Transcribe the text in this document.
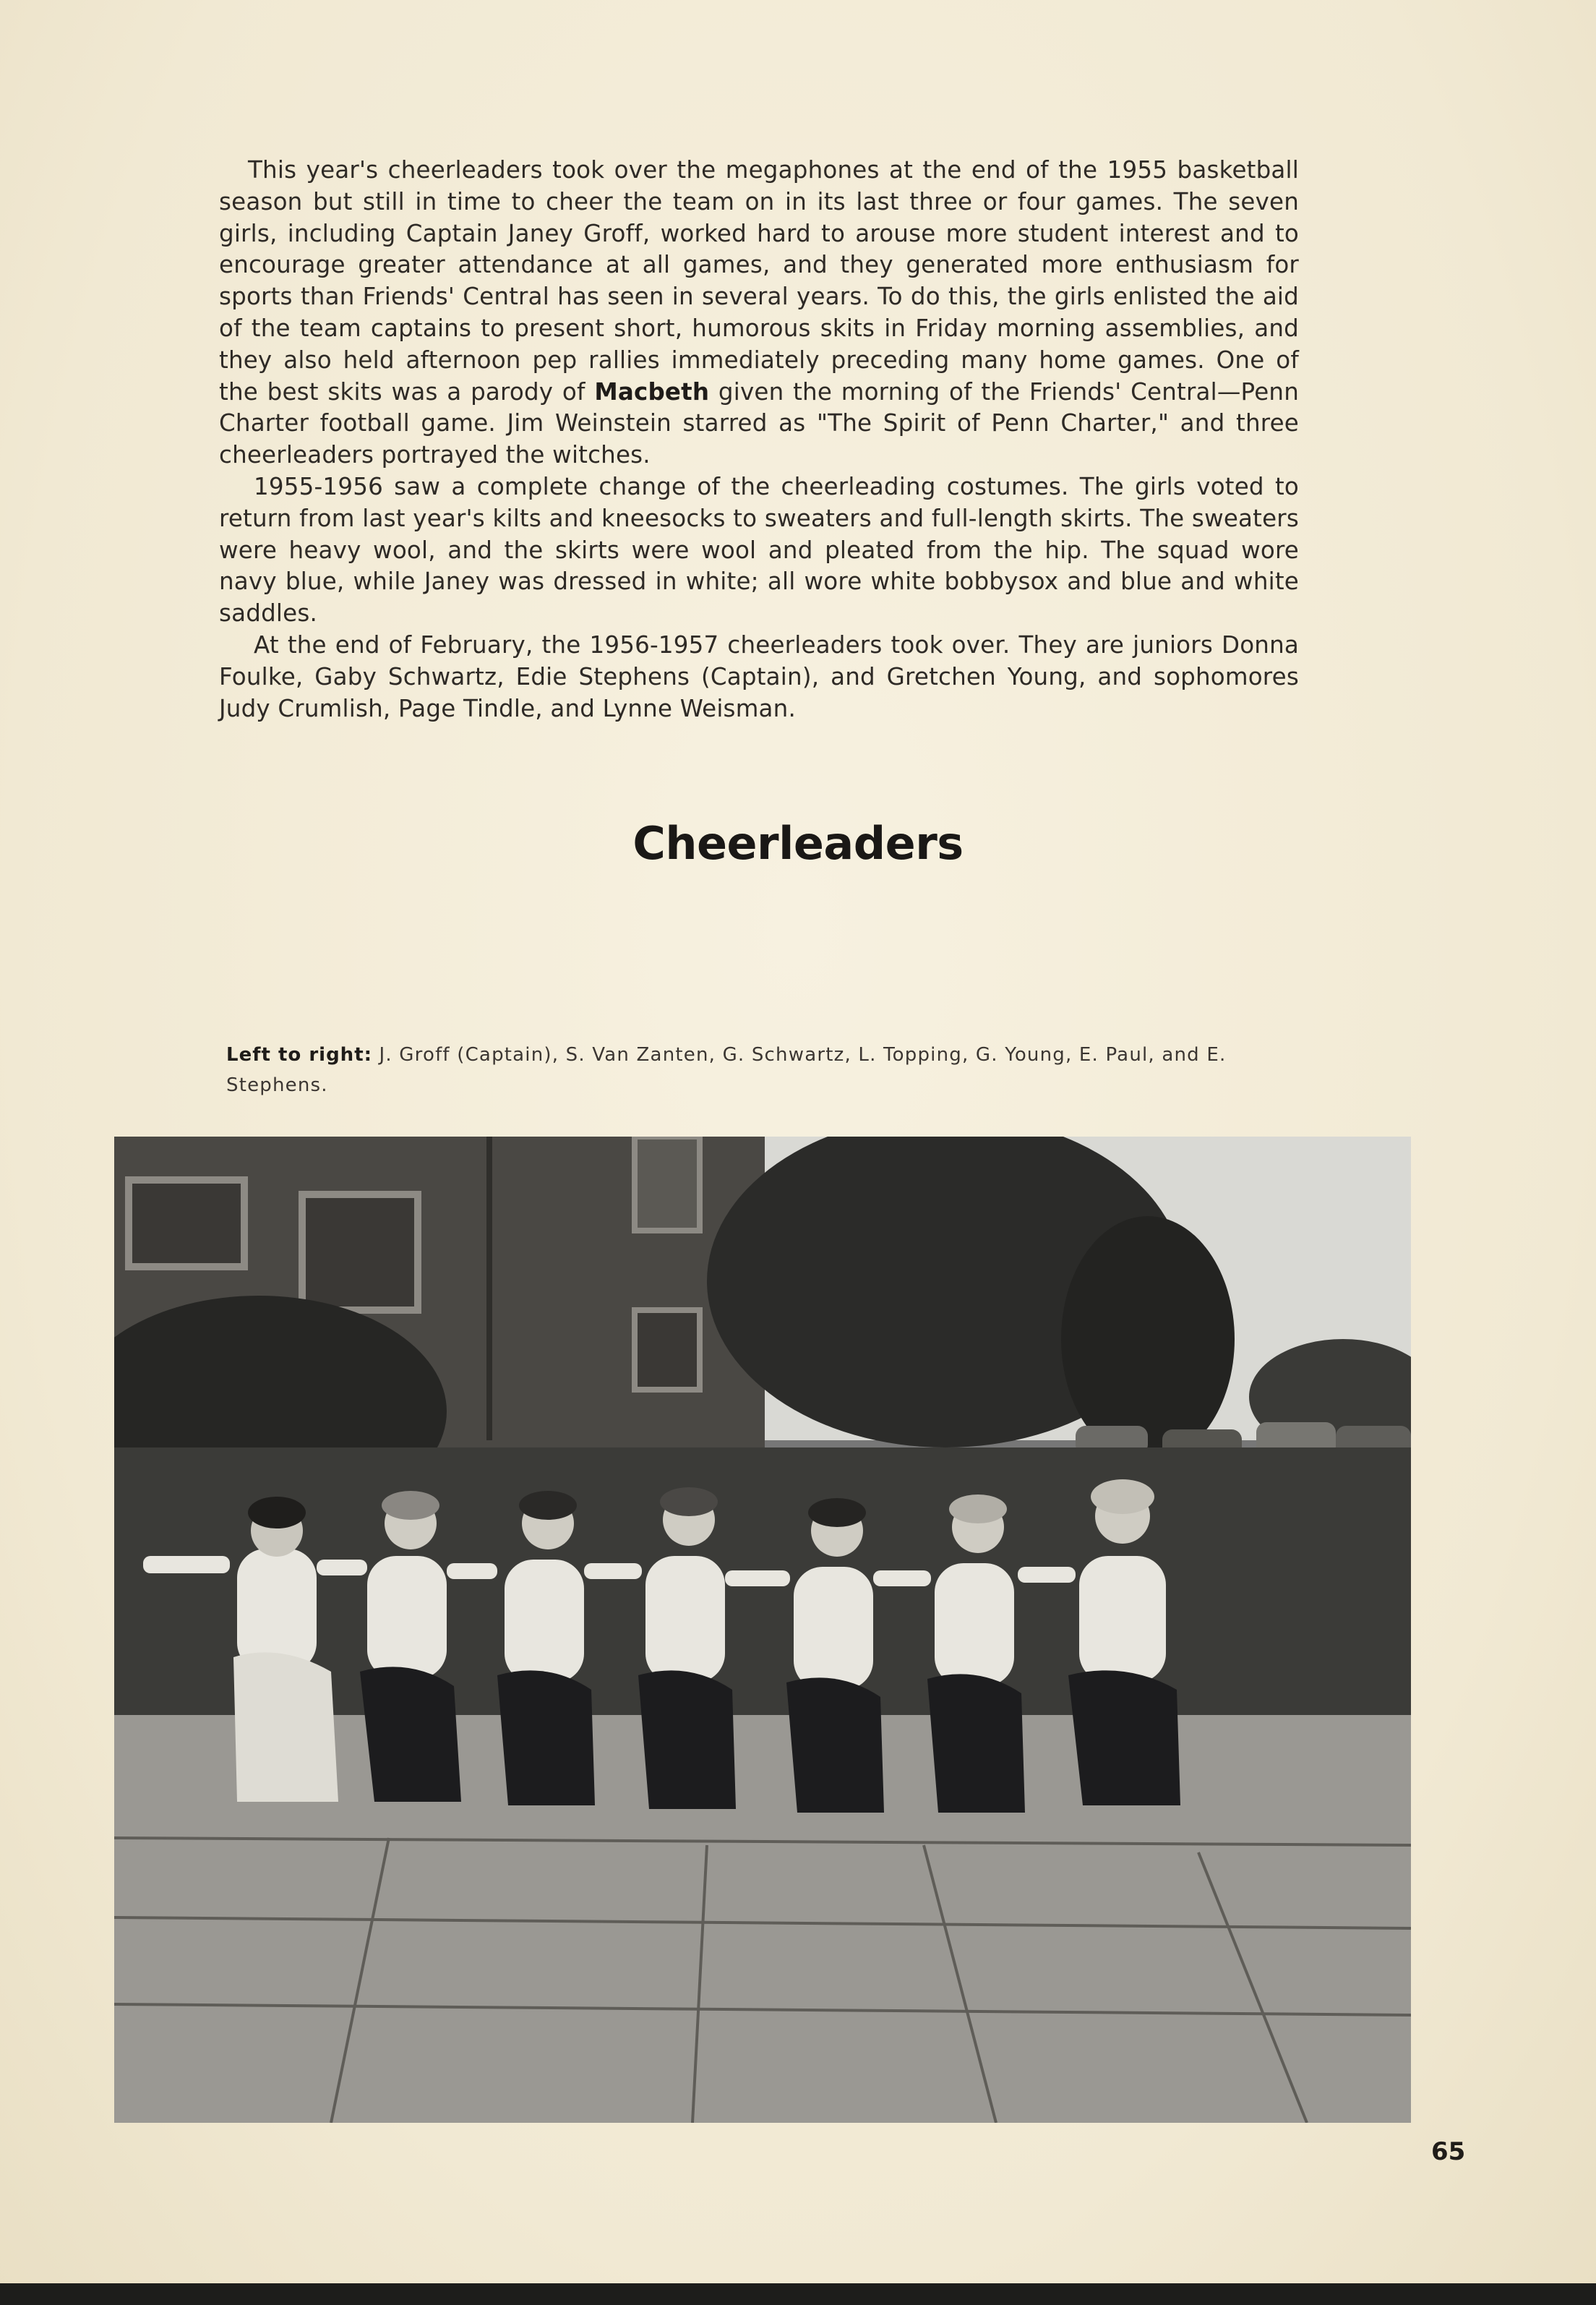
This year's cheerleaders took over the megaphones at the end of the 1955 basketball season but still in time to cheer the team on in its last three or four games. The seven girls, including Captain Janey Groff, worked hard to arouse more student interest and to encourage greater attendance at all games, and they generated more enthusiasm for sports than Friends' Central has seen in several years. To do this, the girls enlisted the aid of the team captains to present short, humorous skits in Friday morning assemblies, and they also held afternoon pep rallies immediately preceding many home games. One of the best skits was a parody of Macbeth given the morning of the Friends' Central—Penn Charter football game. Jim Weinstein starred as "The Spirit of Penn Charter," and three cheerleaders portrayed the witches.

1955-1956 saw a complete change of the cheerleading costumes. The girls voted to return from last year's kilts and kneesocks to sweaters and full-length skirts. The sweaters were heavy wool, and the skirts were wool and pleated from the hip. The squad wore navy blue, while Janey was dressed in white; all wore white bobbysox and blue and white saddles.

At the end of February, the 1956-1957 cheerleaders took over. They are juniors Donna Foulke, Gaby Schwartz, Edie Stephens (Captain), and Gretchen Young, and sophomores Judy Crumlish, Page Tindle, and Lynne Weisman.

Cheerleaders
Left to right: J. Groff (Captain), S. Van Zanten, G. Schwartz, L. Topping, G. Young, E. Paul, and E. Stephens.
65
